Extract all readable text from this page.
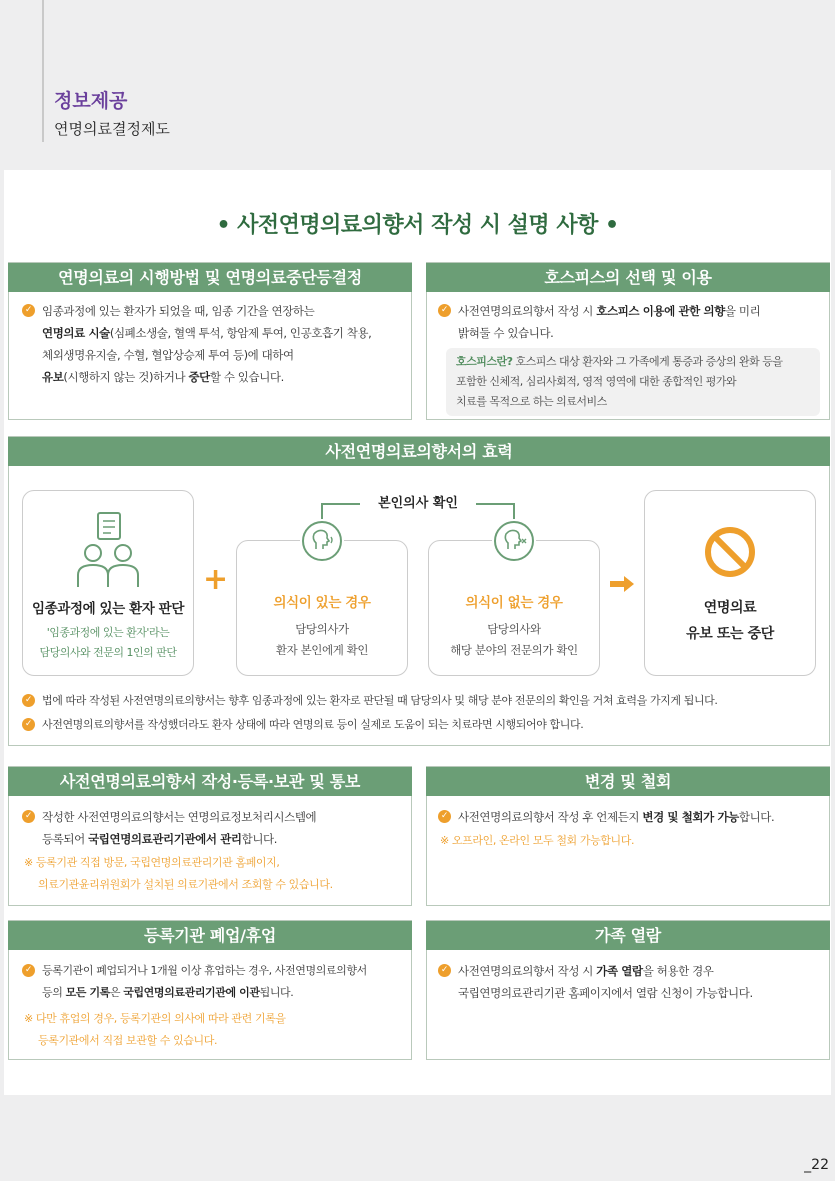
정보제공
연명의료결정제도
• 사전연명의료의향서 작성 시 설명 사항 •
연명의료의 시행방법 및 연명의료중단등결정
✓ 임종과정에 있는 환자가 되었을 때, 임종 기간을 연장하는
연명의료 시술(심폐소생술, 혈액 투석, 항암제 투여, 인공호흡기 착용,
체외생명유지술, 수혈, 혈압상승제 투여 등)에 대하여
유보(시행하지 않는 것)하거나 중단할 수 있습니다.
호스피스의 선택 및 이용
✓ 사전연명의료의향서 작성 시 호스피스 이용에 관한 의향을 미리
밝혀둘 수 있습니다.
호스피스란? 호스피스 대상 환자와 그 가족에게 통증과 증상의 완화 등을
포함한 신체적, 심리사회적, 영적 영역에 대한 종합적인 평가와
치료를 목적으로 하는 의료서비스
사전연명의료의향서의 효력
본인의사 확인
임종과정에 있는 환자 판단
'임종과정에 있는 환자'라는
담당의사와 전문의 1인의 판단
+
의식이 있는 경우
담당의사가
환자 본인에게 확인
의식이 없는 경우
담당의사와
해당 분야의 전문의가 확인
연명의료
유보 또는 중단
✓ 법에 따라 작성된 사전연명의료의향서는 향후 임종과정에 있는 환자로 판단될 때 담당의사 및 해당 분야 전문의의 확인을 거쳐 효력을 가지게 됩니다.
✓ 사전연명의료의향서를 작성했더라도 환자 상태에 따라 연명의료 등이 실제로 도움이 되는 치료라면 시행되어야 합니다.
사전연명의료의향서 작성·등록·보관 및 통보
✓ 작성한 사전연명의료의향서는 연명의료정보처리시스템에
등록되어 국립연명의료관리기관에서 관리합니다.
※ 등록기관 직접 방문, 국립연명의료관리기관 홈페이지,
의료기관윤리위원회가 설치된 의료기관에서 조회할 수 있습니다.
변경 및 철회
✓ 사전연명의료의향서 작성 후 언제든지 변경 및 철회가 가능합니다.
※ 오프라인, 온라인 모두 철회 가능합니다.
등록기관 폐업/휴업
✓ 등록기관이 폐업되거나 1개월 이상 휴업하는 경우, 사전연명의료의향서
등의 모든 기록은 국립연명의료관리기관에 이관됩니다.
※ 다만 휴업의 경우, 등록기관의 의사에 따라 관련 기록을
등록기관에서 직접 보관할 수 있습니다.
가족 열람
✓ 사전연명의료의향서 작성 시 가족 열람을 허용한 경우
국립연명의료관리기관 홈페이지에서 열람 신청이 가능합니다.
_22
